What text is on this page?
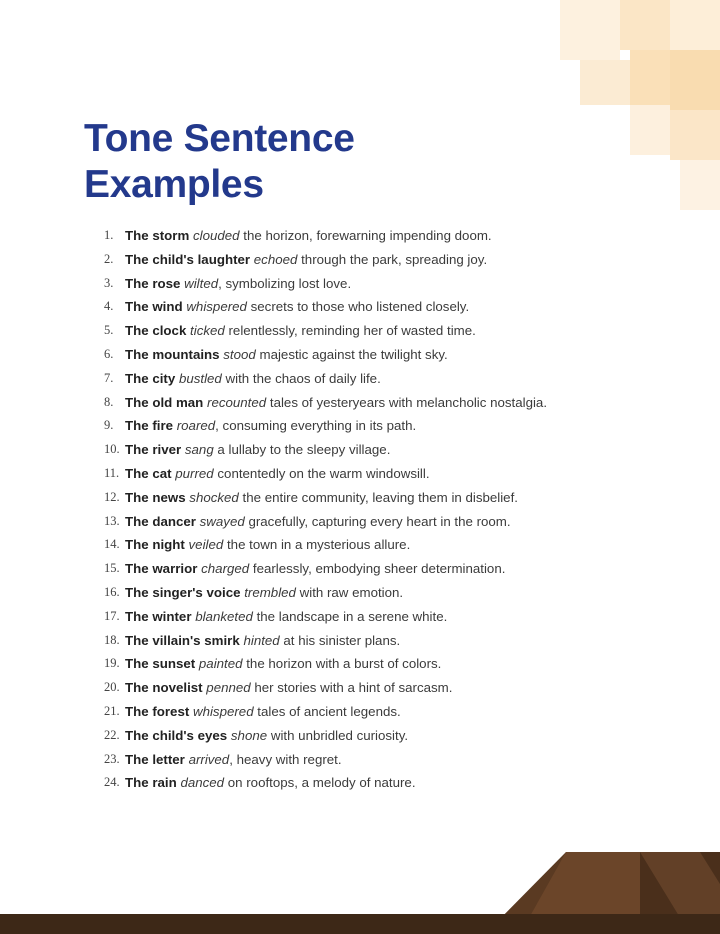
Tone Sentence
Examples
1. The storm
clouded
the horizon, forewarning impending doom.
2. The child's laughter
echoed
through the park, spreading joy.
3. The rose
wilted , symbolizing lost love.
4. The wind
whispered
secrets to those who listened closely.
5. The clock
ticked
relentlessly, reminding her of wasted time.
6. The mountains
stood
majestic against the twilight sky.
7. The city
bustled
with the chaos of daily life.
8. The old man
recounted
tales of yesteryears with melancholic nostalgia.
9. The fire
roared , consuming everything in its path.
10. The river
sang
a lullaby to the sleepy village.
11. The cat
purred
contentedly on the warm windowsill.
12. The news
shocked
the entire community, leaving them in disbelief.
13. The dancer
swayed
gracefully, capturing every heart in the room.
14. The night
veiled
the town in a mysterious allure.
15. The warrior
charged
fearlessly, embodying sheer determination.
16. The singer's voice
trembled
with raw emotion.
17. The winter
blanketed
the landscape in a serene white.
18. The villain's smirk
hinted
at his sinister plans.
19. The sunset
painted
the horizon with a burst of colors.
20. The novelist
penned
her stories with a hint of sarcasm.
21. The forest
whispered
tales of ancient legends.
22. The child's eyes
shone
with unbridled curiosity.
23. The letter
arrived , heavy with regret.
24. The rain
danced
on rooftops, a melody of nature.
